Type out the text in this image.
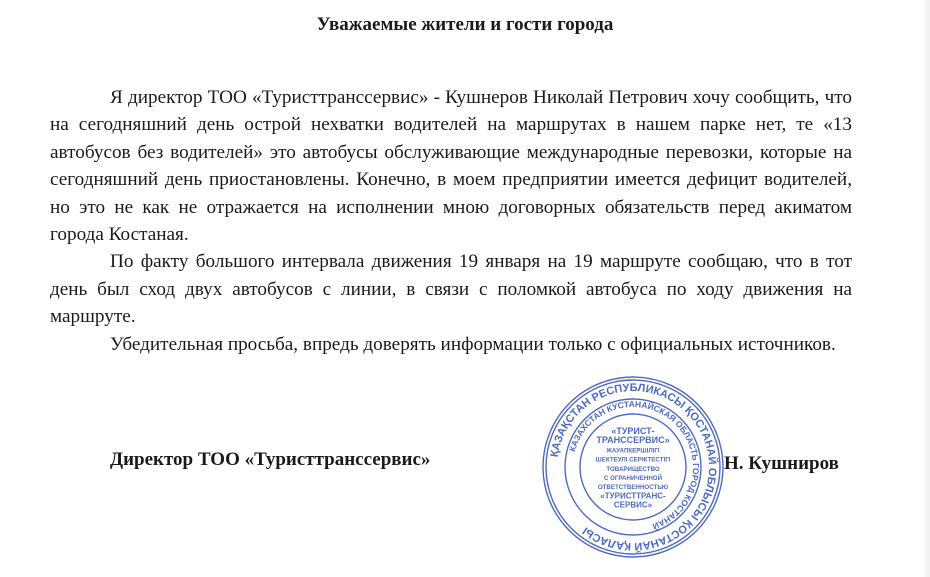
Уважаемые жители и гости города

Я директор ТОО «Туристтранссервис» - Кушнеров Николай Петрович хочу сообщить, что на сегодняшний день острой нехватки водителей на маршрутах в нашем парке нет, те «13 автобусов без водителей» это автобусы обслуживающие международные перевозки, которые на сегодняшний день приостановлены. Конечно, в моем предприятии имеется дефицит водителей, но это не как не отражается на исполнении мною договорных обязательств перед акиматом города Костаная.

По факту большого интервала движения 19 января на 19 маршруте сообщаю, что в тот день был сход двух автобусов с линии, в связи с поломкой автобуса по ходу движения на маршруте.

Убедительная просьба, впредь доверять информации только с официальных источников.

Директор ТОО «Туристтранссервис»	ҚАЗАҚСТАН РЕСПУБЛИКАСЫ ҚОСТАНАЙ ОБЛЫСЫ ҚОСТАНАЙ ҚАЛАСЫ
КАЗАХСТАН КУСТАНАЙСКАЯ ОБЛАСТЬ ГОРОД КОСТАНАЙ
«ТУРИСТ-
ТРАНССЕРВИС»
ЖАУАПКЕРШІЛІГІ
ШЕКТЕУЛІ СЕРІКТЕСТІГІ
ТОВАРИЩЕСТВО
С ОГРАНИЧЕННОЙ
ОТВЕТСТВЕННОСТЬЮ
«ТУРИСТТРАНС-
СЕРВИС»
Н. Кушниров
